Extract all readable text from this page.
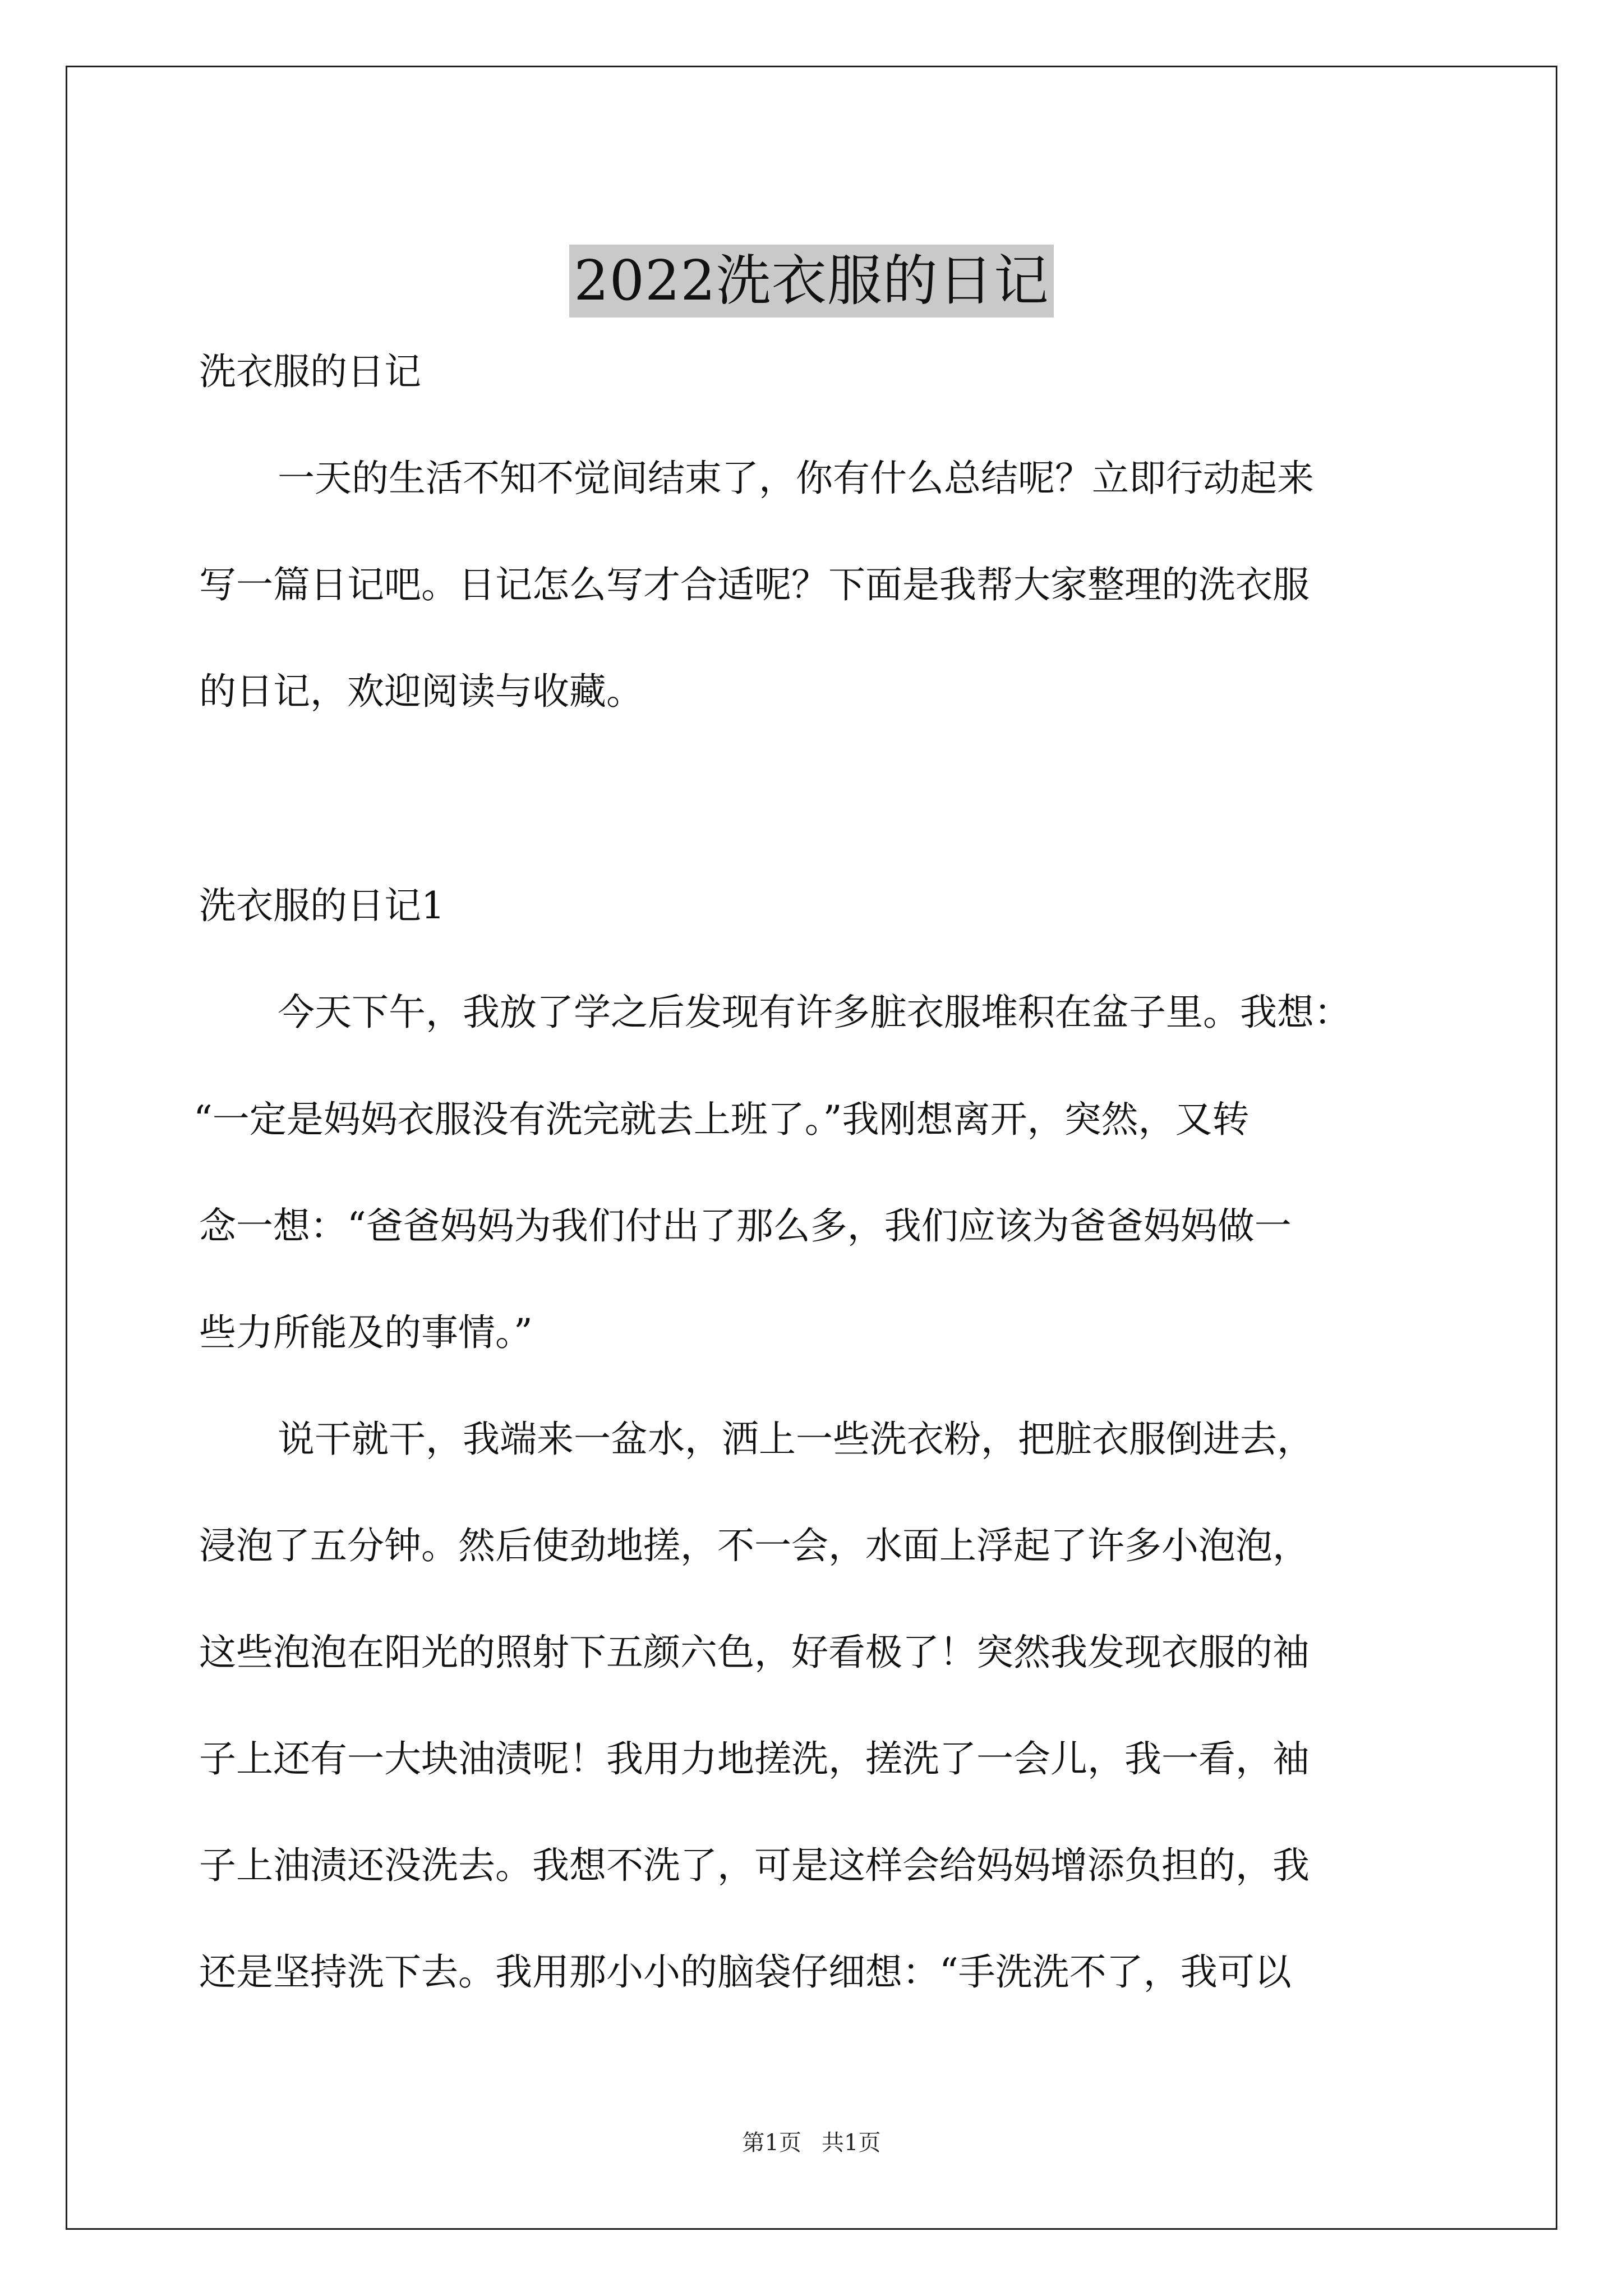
2022洗衣服的日记
洗衣服的日记
一天的生活不知不觉间结束了，你有什么总结呢？立即行动起来
写一篇日记吧。日记怎么写才合适呢？下面是我帮大家整理的洗衣服
的日记，欢迎阅读与收藏。
洗衣服的日记1
今天下午，我放了学之后发现有许多脏衣服堆积在盆子里。我想：
“一定是妈妈衣服没有洗完就去上班了。”我刚想离开，突然，又转
念一想：“爸爸妈妈为我们付出了那么多，我们应该为爸爸妈妈做一
些力所能及的事情。”
说干就干，我端来一盆水，洒上一些洗衣粉，把脏衣服倒进去，
浸泡了五分钟。然后使劲地搓，不一会，水面上浮起了许多小泡泡，
这些泡泡在阳光的照射下五颜六色，好看极了！突然我发现衣服的袖
子上还有一大块油渍呢！我用力地搓洗，搓洗了一会儿，我一看，袖
子上油渍还没洗去。我想不洗了，可是这样会给妈妈增添负担的，我
还是坚持洗下去。我用那小小的脑袋仔细想：“手洗洗不了，我可以
第1页 共1页
